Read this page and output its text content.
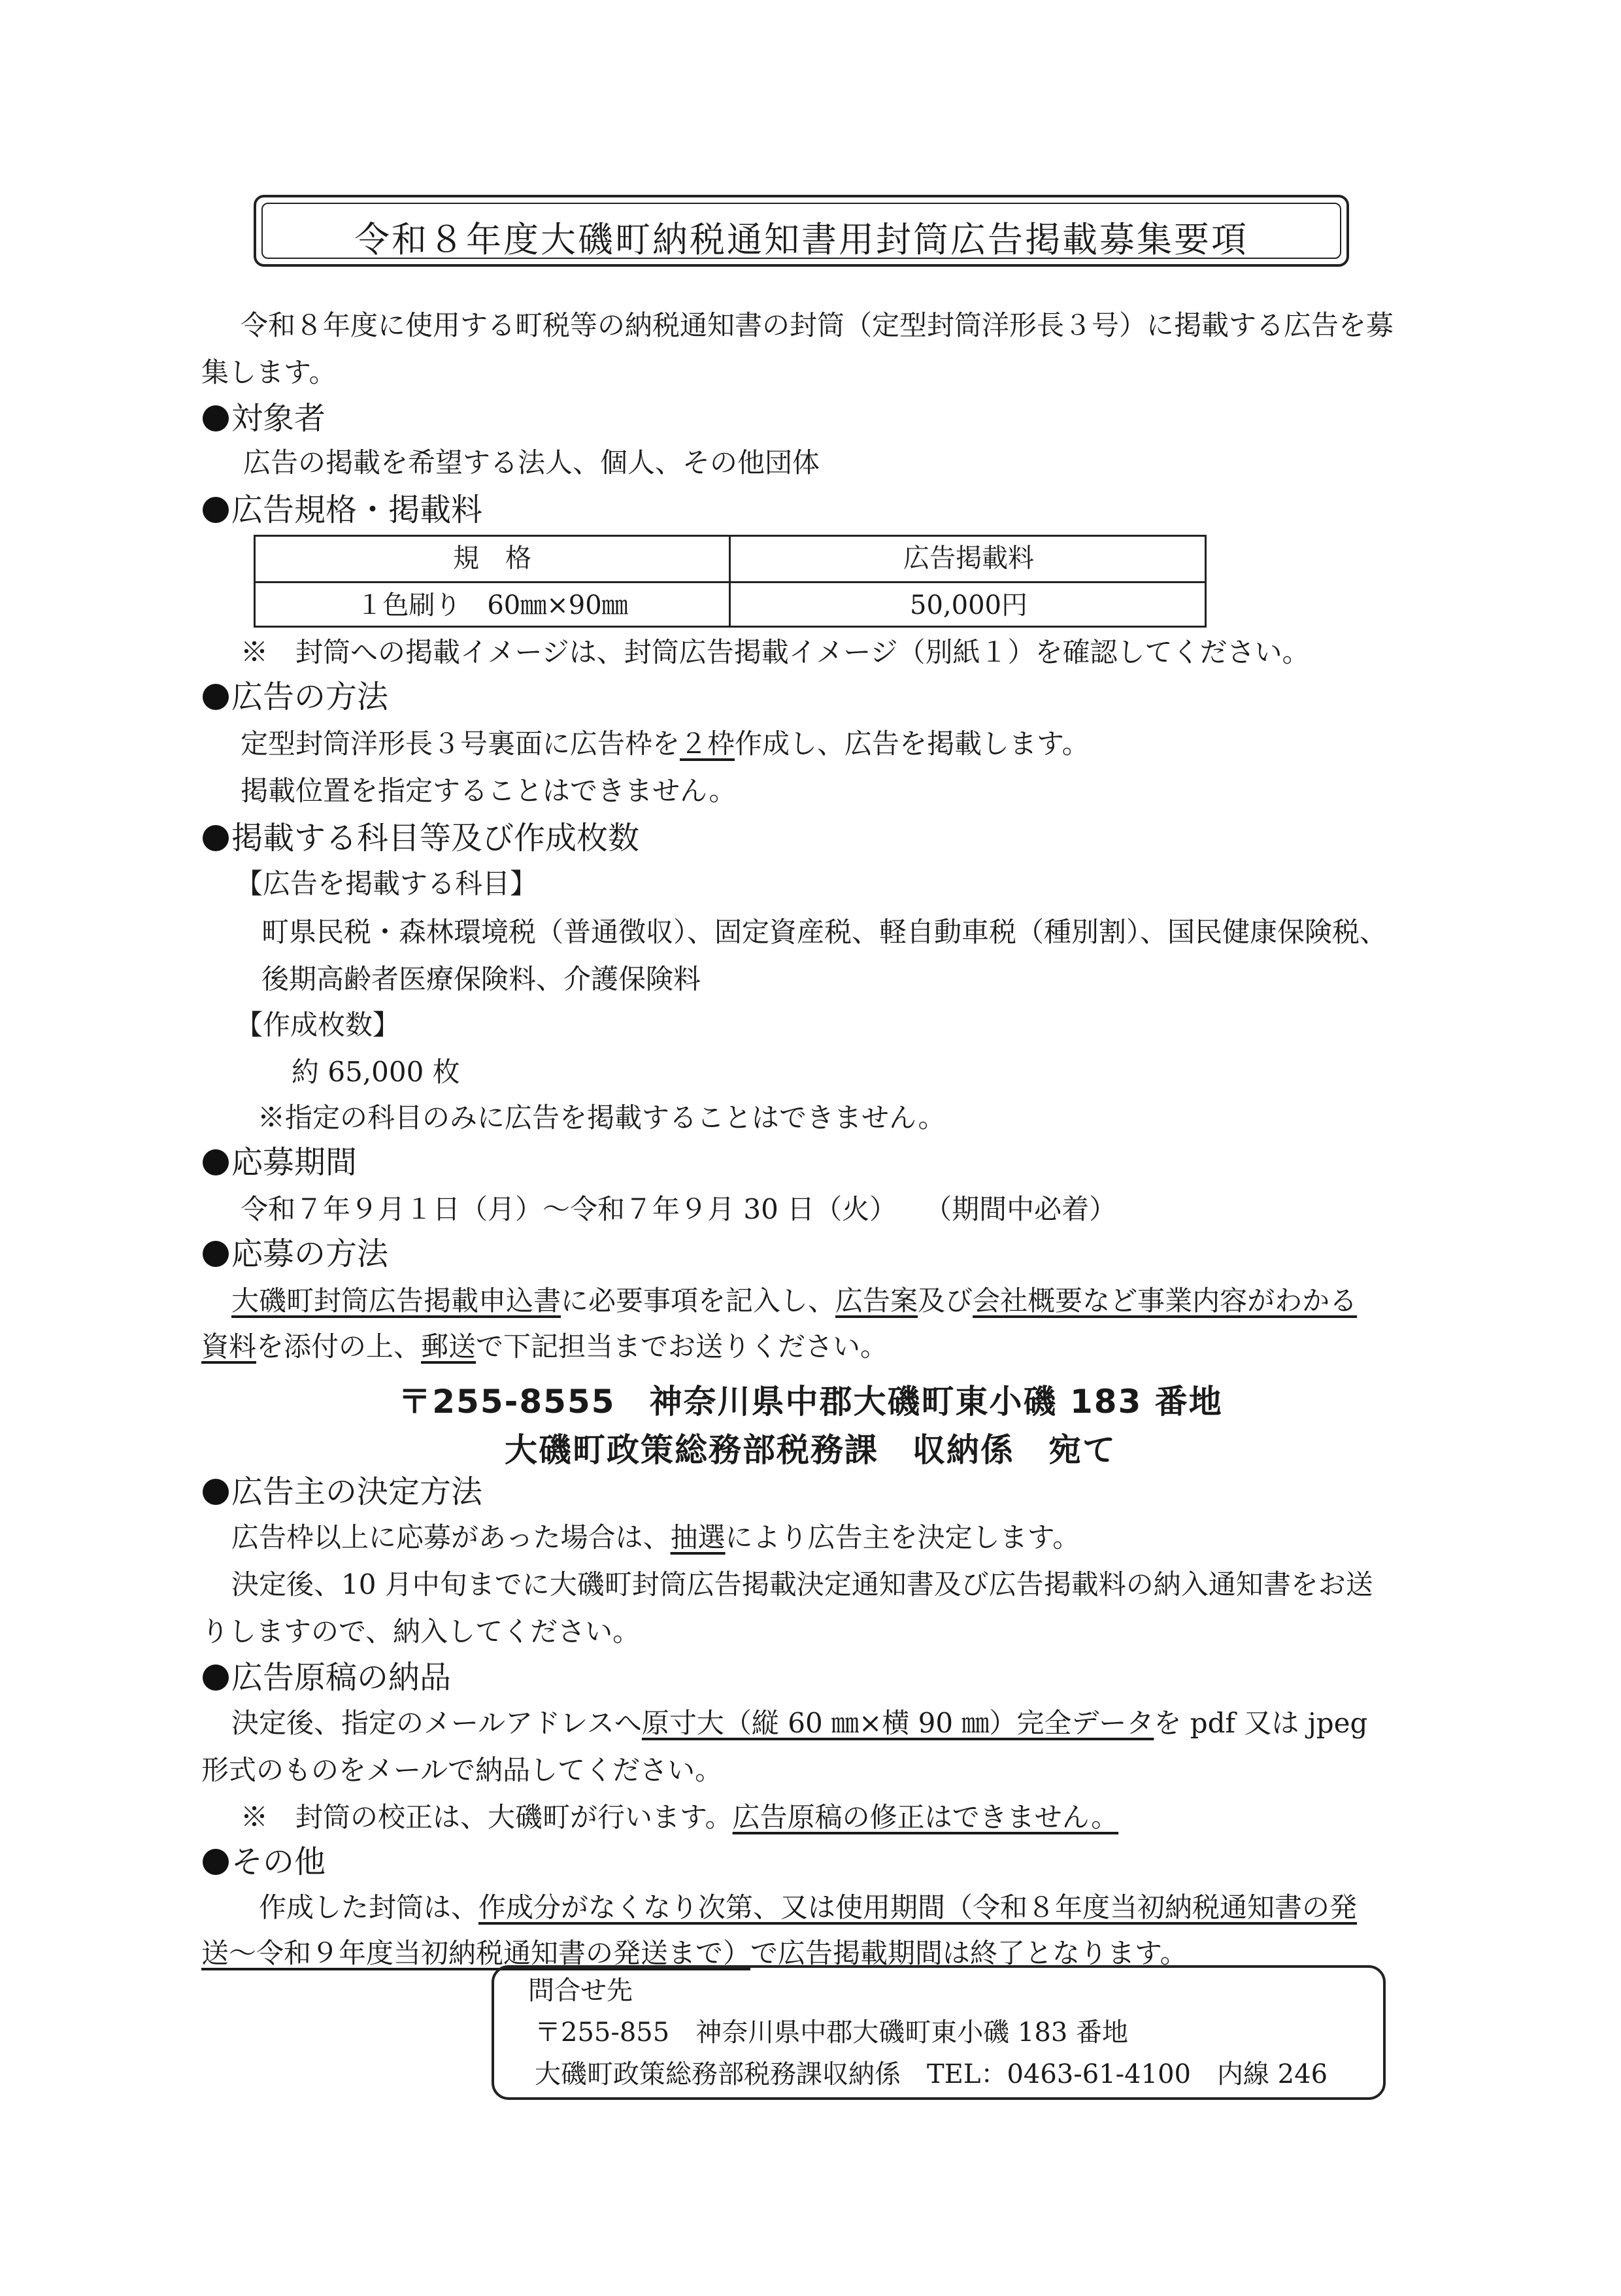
令和８年度大磯町納税通知書用封筒広告掲載募集要項
令和８年度に使用する町税等の納税通知書の封筒（定型封筒洋形長３号）に掲載する広告を募
集します。
対象者
広告の掲載を希望する法人、個人、その他団体
広告規格・掲載料
規　格	広告掲載料
１色刷り　60㎜×90㎜	50,000円
※　封筒への掲載イメージは、封筒広告掲載イメージ（別紙１）を確認してください。
広告の方法
定型封筒洋形長３号裏面に広告枠を２枠作成し、広告を掲載します。
掲載位置を指定することはできません。
掲載する科目等及び作成枚数
【広告を掲載する科目】
町県民税・森林環境税（普通徴収）、固定資産税、軽自動車税（種別割）、国民健康保険税、
後期高齢者医療保険料、介護保険料
【作成枚数】
約 65,000 枚
※指定の科目のみに広告を掲載することはできません。
応募期間
令和７年９月１日（月）～令和７年９月 30 日（火）　　（期間中必着）
応募の方法
大磯町封筒広告掲載申込書に必要事項を記入し、広告案及び会社概要など事業内容がわかる
資料を添付の上、郵送で下記担当までお送りください。
〒255-8555　神奈川県中郡大磯町東小磯 183 番地
大磯町政策総務部税務課　収納係　宛て
広告主の決定方法
広告枠以上に応募があった場合は、抽選により広告主を決定します。
決定後、10 月中旬までに大磯町封筒広告掲載決定通知書及び広告掲載料の納入通知書をお送
りしますので、納入してください。
広告原稿の納品
決定後、指定のメールアドレスへ原寸大（縦 60 ㎜×横 90 ㎜）完全データを pdf 又は jpeg
形式のものをメールで納品してください。
※　封筒の校正は、大磯町が行います。広告原稿の修正はできません。
その他
作成した封筒は、作成分がなくなり次第、又は使用期間（令和８年度当初納税通知書の発
送～令和９年度当初納税通知書の発送まで）で広告掲載期間は終了となります。
問合せ先
〒255-855　神奈川県中郡大磯町東小磯 183 番地
大磯町政策総務部税務課収納係　TEL：0463-61-4100　内線 246
